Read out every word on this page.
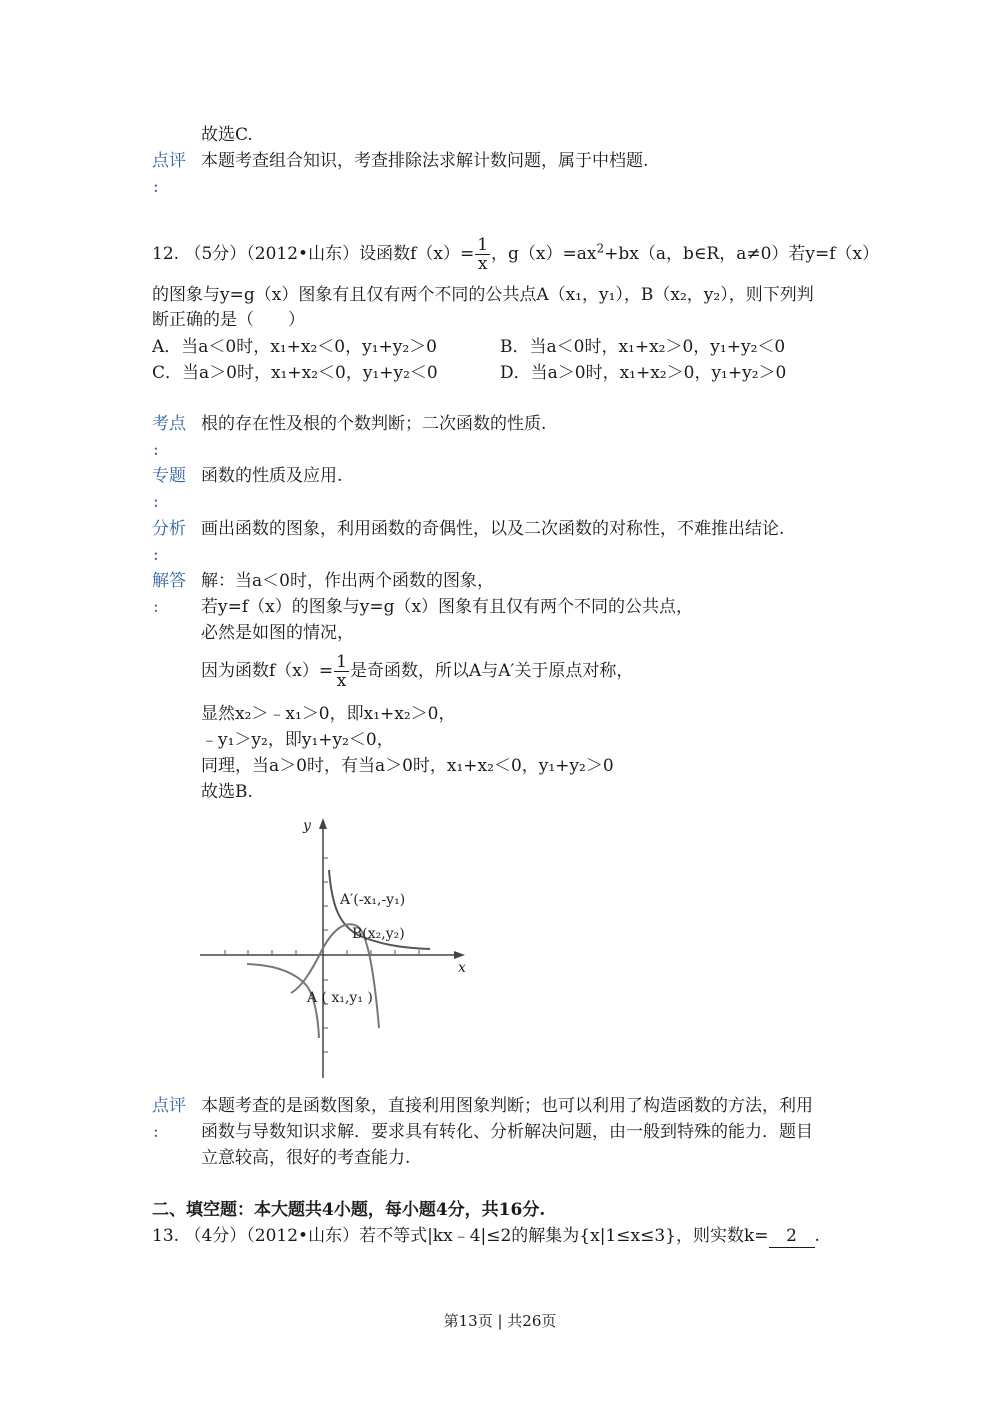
故选C.
点评
:
本题考查组合知识，考查排除法求解计数问题，属于中档题.
12. （5分）（2012•山东）设函数$f(x)= \frac{1}{x}$ ，$g(x)=ax^2+bx(a$，b∈R，a≠0）若y=f（x）
的图象与y=g（x）图象有且仅有两个不同的公共点A（x₁，y₁），B（x₂，y₂），则下列判
断正确的是（　　）
A．当a＜0时，x₁+x₂＜0，y₁+y₂＞0	B．当a＜0时，x₁+x₂＞0，y₁+y₂＜0
C．当a＞0时，x₁+x₂＜0，y₁+y₂＜0	D．当a＞0时，x₁+x₂＞0，y₁+y₂＞0
考点
:
根的存在性及根的个数判断；二次函数的性质.
专题
:
函数的性质及应用.
分析
:
画出函数的图象，利用函数的奇偶性，以及二次函数的对称性，不难推出结论.
解答
:
解：当a＜0时，作出两个函数的图象，
若y=f（x）的图象与y=g（x）图象有且仅有两个不同的公共点，
必然是如图的情况，
因为函数$f(x)= \frac{1}{x}$ 是奇函数，所以A与A′关于原点对称，
显然x₂＞﹣x₁＞0，即x₁+x₂＞0，
﹣y₁＞y₂，即y₁+y₂＜0，
同理，当a＞0时，有当a＞0时，x₁+x₂＜0，y₁+y₂＞0
故选B.
y
x
A′(-x₁,-y₁)
B(x₂,y₂)
A ( x₁,y₁ )
点评
:
本题考查的是函数图象，直接利用图象判断；也可以利用了构造函数的方法，利用
函数与导数知识求解．要求具有转化、分析解决问题，由一般到特殊的能力．题目
立意较高，很好的考查能力.
二、填空题：本大题共4小题，每小题4分，共16分.
13. （4分）（2012•山东）若不等式|kx﹣4|≤2的解集为{x|1≤x≤3}，则实数k= 2 .
第13页 | 共26页
